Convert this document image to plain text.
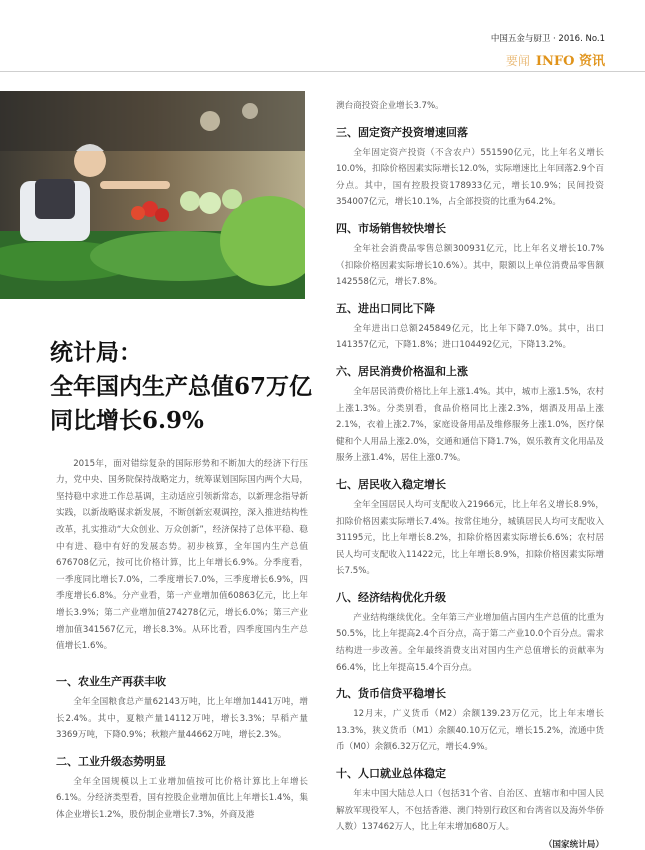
中国五金与厨卫 · 2016. No.1
要闻 INFO 资讯
统计局：
全年国内生产总值67万亿
同比增长6.9%

2015年，面对错综复杂的国际形势和不断加大的经济下行压力，党中央、国务院保持战略定力，统筹谋划国际国内两个大局，坚持稳中求进工作总基调，主动适应引领新常态，以新理念指导新实践，以新战略谋求新发展，不断创新宏观调控，深入推进结构性改革，扎实推动“大众创业、万众创新”，经济保持了总体平稳、稳中有进、稳中有好的发展态势。初步核算，全年国内生产总值676708亿元，按可比价格计算，比上年增长6.9%。分季度看，一季度同比增长7.0%，二季度增长7.0%，三季度增长6.9%，四季度增长6.8%。分产业看，第一产业增加值60863亿元，比上年增长3.9%；第二产业增加值274278亿元，增长6.0%；第三产业增加值341567亿元，增长8.3%。从环比看，四季度国内生产总值增长1.6%。

一、农业生产再获丰收

全年全国粮食总产量62143万吨，比上年增加1441万吨，增长2.4%。其中，夏粮产量14112万吨，增长3.3%；早稻产量3369万吨，下降0.9%；秋粮产量44662万吨，增长2.3%。

二、工业升级态势明显

全年全国规模以上工业增加值按可比价格计算比上年增长6.1%。分经济类型看，国有控股企业增加值比上年增长1.4%，集体企业增长1.2%，股份制企业增长7.3%，外商及港

澳台商投资企业增长3.7%。

三、固定资产投资增速回落

全年固定资产投资（不含农户）551590亿元，比上年名义增长10.0%，扣除价格因素实际增长12.0%，实际增速比上年回落2.9个百分点。其中，国有控股投资178933亿元，增长10.9%；民间投资354007亿元，增长10.1%，占全部投资的比重为64.2%。

四、市场销售较快增长

全年社会消费品零售总额300931亿元，比上年名义增长10.7%（扣除价格因素实际增长10.6%）。其中，限额以上单位消费品零售额142558亿元，增长7.8%。

五、进出口同比下降

全年进出口总额245849亿元，比上年下降7.0%。其中，出口141357亿元，下降1.8%；进口104492亿元，下降13.2%。

六、居民消费价格温和上涨

全年居民消费价格比上年上涨1.4%。其中，城市上涨1.5%，农村上涨1.3%。分类别看，食品价格同比上涨2.3%，烟酒及用品上涨2.1%，衣着上涨2.7%，家庭设备用品及维修服务上涨1.0%，医疗保健和个人用品上涨2.0%，交通和通信下降1.7%，娱乐教育文化用品及服务上涨1.4%，居住上涨0.7%。

七、居民收入稳定增长

全年全国居民人均可支配收入21966元，比上年名义增长8.9%，扣除价格因素实际增长7.4%。按常住地分，城镇居民人均可支配收入31195元，比上年增长8.2%，扣除价格因素实际增长6.6%；农村居民人均可支配收入11422元，比上年增长8.9%，扣除价格因素实际增长7.5%。

八、经济结构优化升级

产业结构继续优化。全年第三产业增加值占国内生产总值的比重为50.5%，比上年提高2.4个百分点，高于第二产业10.0个百分点。需求结构进一步改善。全年最终消费支出对国内生产总值增长的贡献率为66.4%，比上年提高15.4个百分点。

九、货币信贷平稳增长

12月末，广义货币（M2）余额139.23万亿元，比上年末增长13.3%，狭义货币（M1）余额40.10万亿元，增长15.2%，流通中货币（M0）余额6.32万亿元，增长4.9%。

十、人口就业总体稳定

年末中国大陆总人口（包括31个省、自治区、直辖市和中国人民解放军现役军人，不包括香港、澳门特别行政区和台湾省以及海外华侨人数）137462万人，比上年末增加680万人。

（国家统计局）
